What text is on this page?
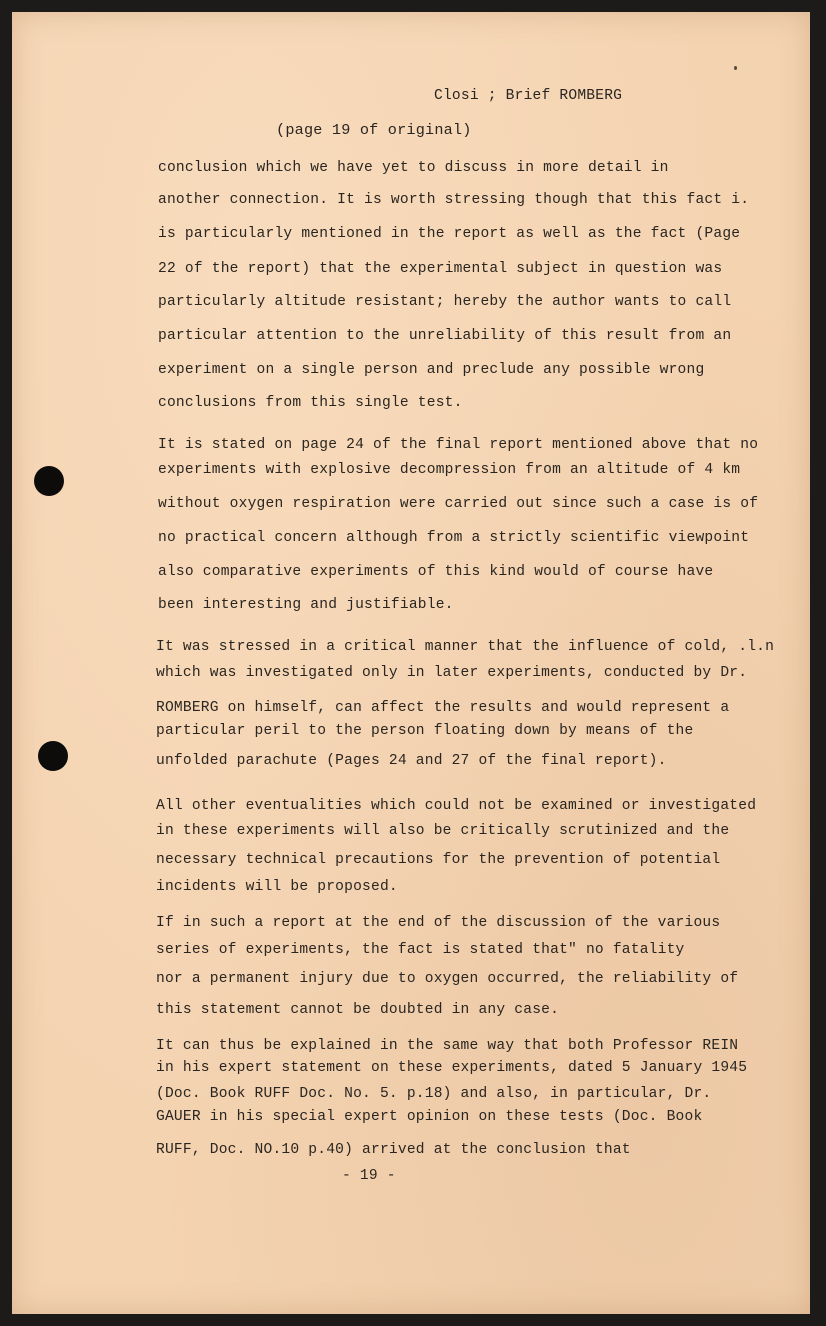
Closi ; Brief ROMBERG
(page 19 of original)
conclusion which we have yet to discuss in more detail in
another connection. It is worth stressing though that this fact i.
is particularly mentioned in the report as well as the fact (Page
22 of the report) that the experimental subject in question was
particularly altitude resistant; hereby the author wants to call
particular attention to the unreliability of this result from an
experiment on a single person and preclude any possible wrong
conclusions from this single test.
It is stated on page 24 of the final report mentioned above that no
experiments with explosive decompression from an altitude of 4 km
without oxygen respiration were carried out since such a case is of
no practical concern although from a strictly scientific viewpoint
also comparative experiments of this kind would of course have
been interesting and justifiable.
It was stressed in a critical manner that the influence of cold, .l.n
which was investigated only in later experiments, conducted by Dr.
ROMBERG on himself, can affect the results and would represent a
particular peril to the person floating down by means of the
unfolded parachute (Pages 24 and 27 of the final report).
All other eventualities which could not be examined or investigated
in these experiments will also be critically scrutinized and the
necessary technical precautions for the prevention of potential
incidents will be proposed.
If in such a report at the end of the discussion of the various
series of experiments, the fact is stated that" no fatality
nor a permanent injury due to oxygen occurred, the reliability of
this statement cannot be doubted in any case.
It can thus be explained in the same way that both Professor REIN
in his expert statement on these experiments, dated 5 January 1945
(Doc. Book RUFF Doc. No. 5. p.18) and also, in particular, Dr.
GAUER in his special expert opinion on these tests (Doc. Book
RUFF, Doc. NO.10 p.40) arrived at the conclusion that
- 19 -
